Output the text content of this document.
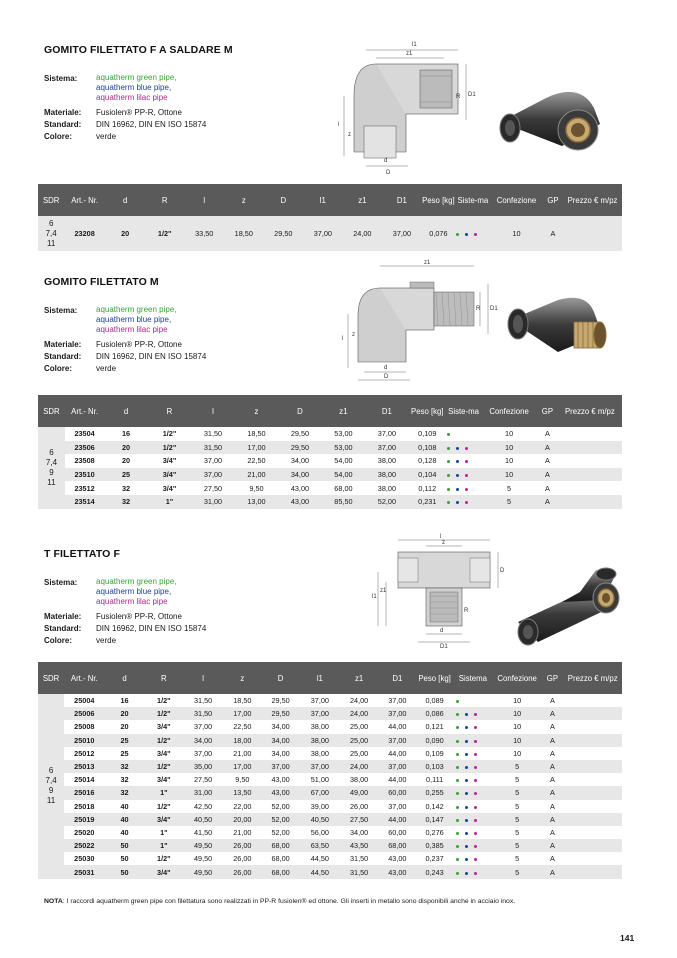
GOMITO FILETTATO F A SALDARE M
Sistema:	aquatherm green pipe,
aquatherm blue pipe,
aquatherm lilac pipe
Materiale:	Fusiolen® PP-R, Ottone
Standard:	DIN 16962, DIN EN ISO 15874
Colore:	verde
l1
z1
R D1
l
z
d
D
SDR	Art.- Nr.	d	R	l	z	D	l1	z1	D1	Peso [kg]	Siste-ma	Confezione	GP	Prezzo € m/pz
6
7,4
11	23208	20	1/2"	33,50	18,50	29,50	37,00	24,00	37,00	0,076		10	A	
GOMITO FILETTATO M
Sistema:	aquatherm green pipe,
aquatherm blue pipe,
aquatherm lilac pipe
Materiale:	Fusiolen® PP-R, Ottone
Standard:	DIN 16962, DIN EN ISO 15874
Colore:	verde
z1
R D1
l
z
d
D
SDR	Art.- Nr.	d	R	l	z	D	z1	D1	Peso [kg]	Siste-ma	Confezione	GP	Prezzo € m/pz
6
7,4
9
11	23504	16	1/2"	31,50	18,50	29,50	53,00	37,00	0,109		10	A	
	23506	20	1/2"	31,50	17,00	29,50	53,00	37,00	0,108		10	A	
	23508	20	3/4"	37,00	22,50	34,00	54,00	38,00	0,128		10	A	
	23510	25	3/4"	37,00	21,00	34,00	54,00	38,00	0,104		10	A	
	23512	32	3/4"	27,50	9,50	43,00	68,00	38,00	0,112		5	A	
	23514	32	1"	31,00	13,00	43,00	85,50	52,00	0,231		5	A	
T FILETTATO F
Sistema:	aquatherm green pipe,
aquatherm blue pipe,
aquatherm lilac pipe
Materiale:	Fusiolen® PP-R, Ottone
Standard:	DIN 16962, DIN EN ISO 15874
Colore:	verde
l
z
D
l1
z1
d
D1
R
SDR	Art.- Nr.	d	R	l	z	D	l1	z1	D1	Peso [kg]	Sistema	Confezione	GP	Prezzo € m/pz
6
7,4
9
11	25004	16	1/2"	31,50	18,50	29,50	37,00	24,00	37,00	0,089		10	A	
	25006	20	1/2"	31,50	17,00	29,50	37,00	24,00	37,00	0,086		10	A	
	25008	20	3/4"	37,00	22,50	34,00	38,00	25,00	44,00	0,121		10	A	
	25010	25	1/2"	34,00	18,00	34,00	38,00	25,00	37,00	0,090		10	A	
	25012	25	3/4"	37,00	21,00	34,00	38,00	25,00	44,00	0,109		10	A	
	25013	32	1/2"	35,00	17,00	37,00	37,00	24,00	37,00	0,103		5	A	
	25014	32	3/4"	27,50	9,50	43,00	51,00	38,00	44,00	0,111		5	A	
	25016	32	1"	31,00	13,50	43,00	67,00	49,00	60,00	0,255		5	A	
	25018	40	1/2"	42,50	22,00	52,00	39,00	26,00	37,00	0,142		5	A	
	25019	40	3/4"	40,50	20,00	52,00	40,50	27,50	44,00	0,147		5	A	
	25020	40	1"	41,50	21,00	52,00	56,00	34,00	60,00	0,276		5	A	
	25022	50	1"	49,50	26,00	68,00	63,50	43,50	68,00	0,385		5	A	
	25030	50	1/2"	49,50	26,00	68,00	44,50	31,50	43,00	0,237		5	A	
	25031	50	3/4"	49,50	26,00	68,00	44,50	31,50	43,00	0,243		5	A	
NOTA: I raccordi aquatherm green pipe con filettatura sono realizzati in PP-R fusiolen® ed ottone. Gli inserti in metallo sono disponibili anche in acciaio inox.
141
